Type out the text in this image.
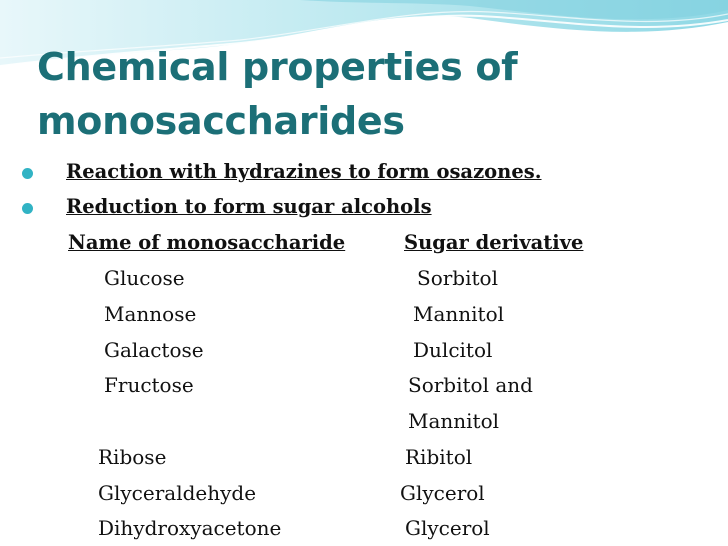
Chemical properties of
monosaccharides
Reaction with hydrazines to form osazones.
Reduction to form sugar alcohols
Name of monosaccharide	Sugar derivative
Glucose	Sorbitol
Mannose	Mannitol
Galactose	Dulcitol
Fructose	Sorbitol and
Mannitol
Ribose	Ribitol
Glyceraldehyde	Glycerol
Dihydroxyacetone	Glycerol
